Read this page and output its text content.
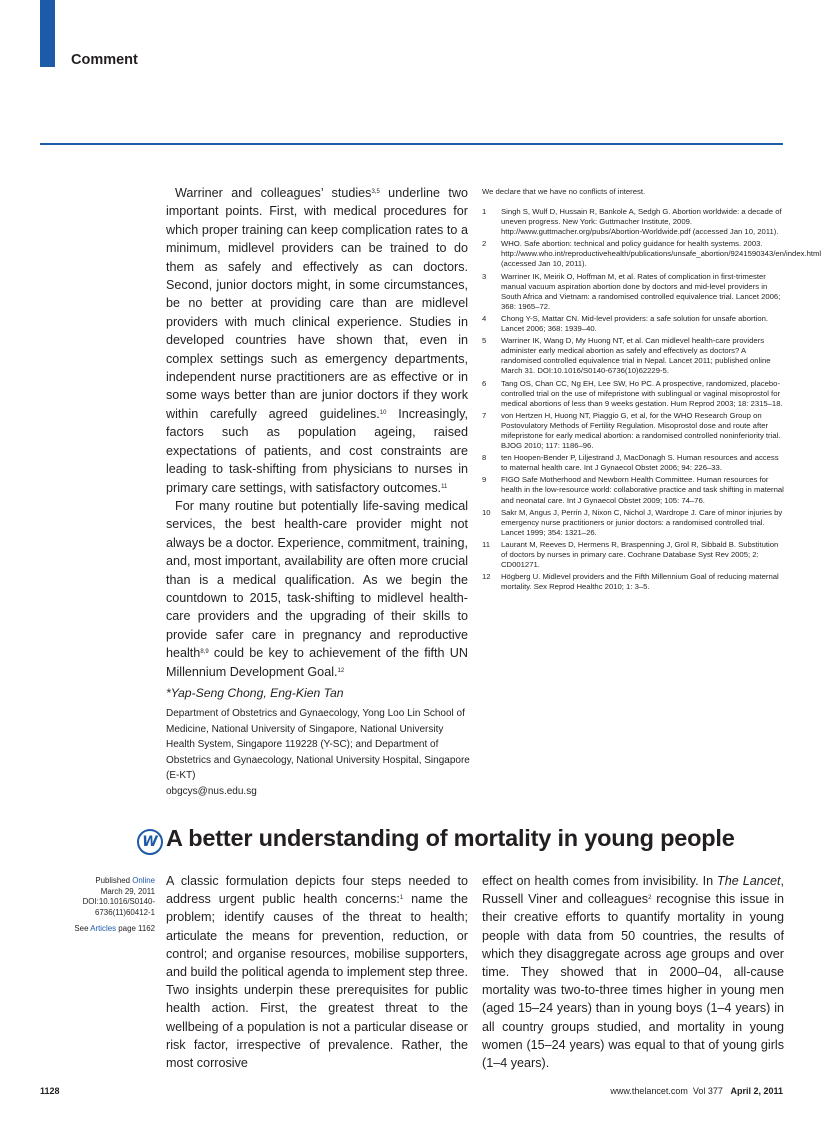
Comment

Warriner and colleagues’ studies$^{3,5}$ underline two important points. First, with medical procedures for which proper training can keep complication rates to a minimum, midlevel providers can be trained to do them as safely and effectively as can doctors. Second, junior doctors might, in some circumstances, be no better at providing care than are midlevel providers with much clinical experience. Studies in developed countries have shown that, even in complex settings such as emergency departments, independent nurse practitioners are as effective or in some ways better than are junior doctors if they work within carefully agreed guidelines.$^{10}$ Increasingly, factors such as population ageing, raised expectations of patients, and cost constraints are leading to task-shifting from physicians to nurses in primary care settings, with satisfactory outcomes.$^{11}$

For many routine but potentially life-saving medical services, the best health-care provider might not always be a doctor. Experience, commitment, training, and, most important, availability are often more crucial than is a medical qualification. As we begin the countdown to 2015, task-shifting to midlevel health-care providers and the upgrading of their skills to provide safer care in pregnancy and reproductive health$^{8,9}$ could be key to achievement of the fifth UN Millennium Development Goal.$^{12}$

We declare that we have no conflicts of interest.
1 Singh S, Wulf D, Hussain R, Bankole A, Sedgh G. Abortion worldwide: a decade of uneven progress. New York: Guttmacher Institute, 2009. http://www.guttmacher.org/pubs/Abortion-Worldwide.pdf (accessed Jan 10, 2011).
2 WHO. Safe abortion: technical and policy guidance for health systems. 2003. http://www.who.int/reproductivehealth/publications/unsafe_abortion/9241590343/en/index.html (accessed Jan 10, 2011).
3 Warriner IK, Meirik O, Hoffman M, et al. Rates of complication in first-trimester manual vacuum aspiration abortion done by doctors and mid-level providers in South Africa and Vietnam: a randomised controlled equivalence trial. Lancet 2006; 368: 1965–72.
4 Chong Y-S, Mattar CN. Mid-level providers: a safe solution for unsafe abortion. Lancet 2006; 368: 1939–40.
5 Warriner IK, Wang D, My Huong NT, et al. Can midlevel health-care providers administer early medical abortion as safely and effectively as doctors? A randomised controlled equivalence trial in Nepal. Lancet 2011; published online March 31. DOI:10.1016/S0140-6736(10)62229-5.
6 Tang OS, Chan CC, Ng EH, Lee SW, Ho PC. A prospective, randomized, placebo-controlled trial on the use of mifepristone with sublingual or vaginal misoprostol for medical abortions of less than 9 weeks gestation. Hum Reprod 2003; 18: 2315–18.
7 von Hertzen H, Huong NT, Piaggio G, et al, for the WHO Research Group on Postovulatory Methods of Fertility Regulation. Misoprostol dose and route after mifepristone for early medical abortion: a randomised controlled noninferiority trial. BJOG 2010; 117: 1186–96.
8 ten Hoopen-Bender P, Liljestrand J, MacDonagh S. Human resources and access to maternal health care. Int J Gynaecol Obstet 2006; 94: 226–33.
9 FIGO Safe Motherhood and Newborn Health Committee. Human resources for health in the low-resource world: collaborative practice and task shifting in maternal and neonatal care. Int J Gynaecol Obstet 2009; 105: 74–76.
10 Sakr M, Angus J, Perrin J, Nixon C, Nichol J, Wardrope J. Care of minor injuries by emergency nurse practitioners or junior doctors: a randomised controlled trial. Lancet 1999; 354: 1321–26.
11 Laurant M, Reeves D, Hermens R, Braspenning J, Grol R, Sibbald B. Substitution of doctors by nurses in primary care. Cochrane Database Syst Rev 2005; 2: CD001271.
12 Högberg U. Midlevel providers and the Fifth Millennium Goal of reducing maternal mortality. Sex Reprod Healthc 2010; 1: 3–5.
*Yap-Seng Chong, Eng-Kien Tan
Department of Obstetrics and Gynaecology, Yong Loo Lin School of Medicine, National University of Singapore, National University Health System, Singapore 119228 (Y-SC); and Department of Obstetrics and Gynaecology, National University Hospital, Singapore (E-KT)
obgcys@nus.edu.sg
W A better understanding of mortality in young people
Published Online
March 29, 2011
DOI:10.1016/S0140-6736(11)60412-1
See Articles page 1162
A classic formulation depicts four steps needed to address urgent public health concerns:$^1$ name the problem; identify causes of the threat to health; articulate the means for prevention, reduction, or control; and organise resources, mobilise supporters, and build the political agenda to implement step three. Two insights underpin these prerequisites for public health action. First, the greatest threat to the wellbeing of a population is not a particular disease or risk factor, irrespective of prevalence. Rather, the most corrosive
effect on health comes from invisibility. In The Lancet, Russell Viner and colleagues$^2$ recognise this issue in their creative efforts to quantify mortality in young people with data from 50 countries, the results of which they disaggregate across age groups and over time. They showed that in 2000–04, all-cause mortality was two-to-three times higher in young men (aged 15–24 years) than in young boys (1–4 years) in all country groups studied, and mortality in young women (15–24 years) was equal to that of young girls (1–4 years).
1128	www.thelancet.com Vol 377 April 2, 2011
